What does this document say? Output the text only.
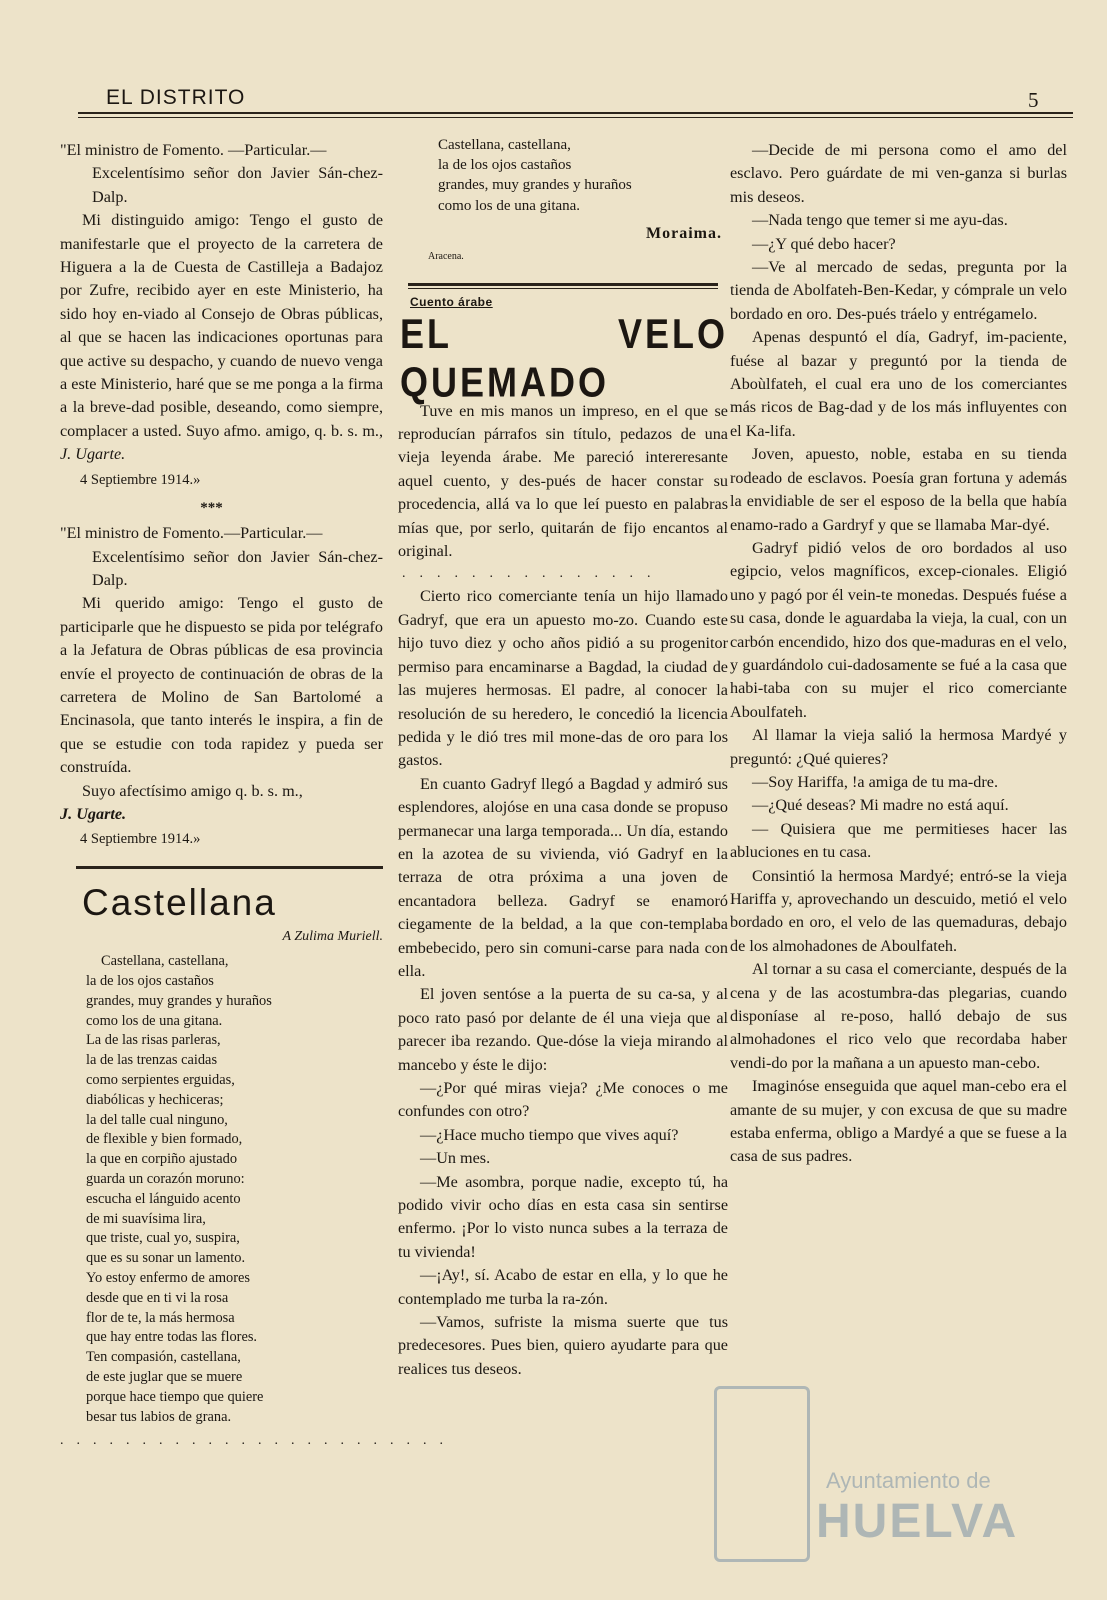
EL DISTRITO	5

"El ministro de Fomento. —Particular.—

Excelentísimo señor don Javier Sán-chez-Dalp.

Mi distinguido amigo: Tengo el gusto de manifestarle que el proyecto de la carretera de Higuera a la de Cuesta de Castilleja a Badajoz por Zufre, recibido ayer en este Ministerio, ha sido hoy en-viado al Consejo de Obras públicas, al que se hacen las indicaciones oportunas para que active su despacho, y cuando de nuevo venga a este Ministerio, haré que se me ponga a la firma a la breve-dad posible, deseando, como siempre, complacer a usted. Suyo afmo. amigo, q. b. s. m., J. Ugarte.

4 Septiembre 1914.»

***

"El ministro de Fomento.—Particular.—

Excelentísimo señor don Javier Sán-chez-Dalp.

Mi querido amigo: Tengo el gusto de participarle que he dispuesto se pida por telégrafo a la Jefatura de Obras públicas de esa provincia envíe el proyecto de continuación de obras de la carretera de Molino de San Bartolomé a Encinasola, que tanto interés le inspira, a fin de que se estudie con toda rapidez y pueda ser construída.

Suyo afectísimo amigo q. b. s. m.,

J. Ugarte.

4 Septiembre 1914.»

Castellana

A Zulima Muriell.

Castellana, castellana,
la de los ojos castaños
grandes, muy grandes y huraños
como los de una gitana.
La de las risas parleras,
la de las trenzas caidas
como serpientes erguidas,
diabólicas y hechiceras;
la del talle cual ninguno,
de flexible y bien formado,
la que en corpiño ajustado
guarda un corazón moruno:
escucha el lánguido acento
de mi suavísima lira,
que triste, cual yo, suspira,
que es su sonar un lamento.
Yo estoy enfermo de amores
desde que en ti vi la rosa
flor de te, la más hermosa
que hay entre todas las flores.
Ten compasión, castellana,
de este juglar que se muere
porque hace tiempo que quiere
besar tus labios de grana.
........................
Castellana, castellana,
la de los ojos castaños
grandes, muy grandes y huraños
como los de una gitana.

Moraima.

Aracena.

Cuento árabe

EL VELO QUEMADO

Tuve en mis manos un impreso, en el que se reproducían párrafos sin título, pedazos de una vieja leyenda árabe. Me pareció intereresante aquel cuento, y des-pués de hacer constar su procedencia, allá va lo que leí puesto en palabras mías que, por serlo, quitarán de fijo encantos al original.

...............

Cierto rico comerciante tenía un hijo llamado Gadryf, que era un apuesto mo-zo. Cuando este hijo tuvo diez y ocho años pidió a su progenitor permiso para encaminarse a Bagdad, la ciudad de las mujeres hermosas. El padre, al conocer la resolución de su heredero, le concedió la licencia pedida y le dió tres mil mone-das de oro para los gastos.

En cuanto Gadryf llegó a Bagdad y admiró sus esplendores, alojóse en una casa donde se propuso permanecar una larga temporada... Un día, estando en la azotea de su vivienda, vió Gadryf en la terraza de otra próxima a una joven de encantadora belleza. Gadryf se enamoró ciegamente de la beldad, a la que con-templaba embebecido, pero sin comuni-carse para nada con ella.

El joven sentóse a la puerta de su ca-sa, y al poco rato pasó por delante de él una vieja que al parecer iba rezando. Que-dóse la vieja mirando al mancebo y éste le dijo:

—¿Por qué miras vieja? ¿Me conoces o me confundes con otro?

—¿Hace mucho tiempo que vives aquí?

—Un mes.

—Me asombra, porque nadie, excepto tú, ha podido vivir ocho días en esta casa sin sentirse enfermo. ¡Por lo visto nunca subes a la terraza de tu vivienda!

—¡Ay!, sí. Acabo de estar en ella, y lo que he contemplado me turba la ra-zón.

—Vamos, sufriste la misma suerte que tus predecesores. Pues bien, quiero ayudarte para que realices tus deseos.

—Decide de mi persona como el amo del esclavo. Pero guárdate de mi ven-ganza si burlas mis deseos.

—Nada tengo que temer si me ayu-das.

—¿Y qué debo hacer?

—Ve al mercado de sedas, pregunta por la tienda de Abolfateh-Ben-Kedar, y cómprale un velo bordado en oro. Des-pués tráelo y entrégamelo.

Apenas despuntó el día, Gadryf, im-paciente, fuése al bazar y preguntó por la tienda de Aboùlfateh, el cual era uno de los comerciantes más ricos de Bag-dad y de los más influyentes con el Ka-lifa.

Joven, apuesto, noble, estaba en su tienda rodeado de esclavos. Poesía gran fortuna y además la envidiable de ser el esposo de la bella que había enamo-rado a Gardryf y que se llamaba Mar-dyé.

Gadryf pidió velos de oro bordados al uso egipcio, velos magníficos, excep-cionales. Eligió uno y pagó por él vein-te monedas. Después fuése a su casa, donde le aguardaba la vieja, la cual, con un carbón encendido, hizo dos que-maduras en el velo, y guardándolo cui-dadosamente se fué a la casa que habi-taba con su mujer el rico comerciante Aboulfateh.

Al llamar la vieja salió la hermosa Mardyé y preguntó: ¿Qué quieres?

—Soy Hariffa, !a amiga de tu ma-dre.

—¿Qué deseas? Mi madre no está aquí.

— Quisiera que me permitieses hacer las abluciones en tu casa.

Consintió la hermosa Mardyé; entró-se la vieja Hariffa y, aprovechando un descuido, metió el velo bordado en oro, el velo de las quemaduras, debajo de los almohadones de Aboulfateh.

Al tornar a su casa el comerciante, después de la cena y de las acostumbra-das plegarias, cuando disponíase al re-poso, halló debajo de sus almohadones el rico velo que recordaba haber vendi-do por la mañana a un apuesto man-cebo.

Imaginóse enseguida que aquel man-cebo era el amante de su mujer, y con excusa de que su madre estaba enferma, obligo a Mardyé a que se fuese a la casa de sus padres.

Ayuntamiento de
HUELVA
